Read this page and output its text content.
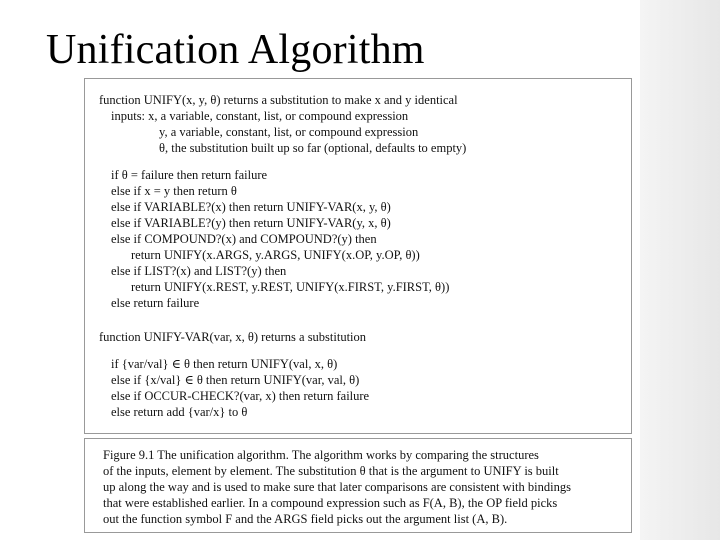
Unification Algorithm
function UNIFY(x, y, θ) returns a substitution to make x and y identical
inputs: x, a variable, constant, list, or compound expression
y, a variable, constant, list, or compound expression
θ, the substitution built up so far (optional, defaults to empty)
if θ = failure then return failure
else if x = y then return θ
else if VARIABLE?(x) then return UNIFY-VAR(x, y, θ)
else if VARIABLE?(y) then return UNIFY-VAR(y, x, θ)
else if COMPOUND?(x) and COMPOUND?(y) then
return UNIFY(x.ARGS, y.ARGS, UNIFY(x.OP, y.OP, θ))
else if LIST?(x) and LIST?(y) then
return UNIFY(x.REST, y.REST, UNIFY(x.FIRST, y.FIRST, θ))
else return failure
function UNIFY-VAR(var, x, θ) returns a substitution
if {var/val} ∈ θ then return UNIFY(val, x, θ)
else if {x/val} ∈ θ then return UNIFY(var, val, θ)
else if OCCUR-CHECK?(var, x) then return failure
else return add {var/x} to θ
Figure 9.1 The unification algorithm. The algorithm works by comparing the structures
of the inputs, element by element. The substitution θ that is the argument to UNIFY is built
up along the way and is used to make sure that later comparisons are consistent with bindings
that were established earlier. In a compound expression such as F(A, B), the OP field picks
out the function symbol F and the ARGS field picks out the argument list (A, B).
